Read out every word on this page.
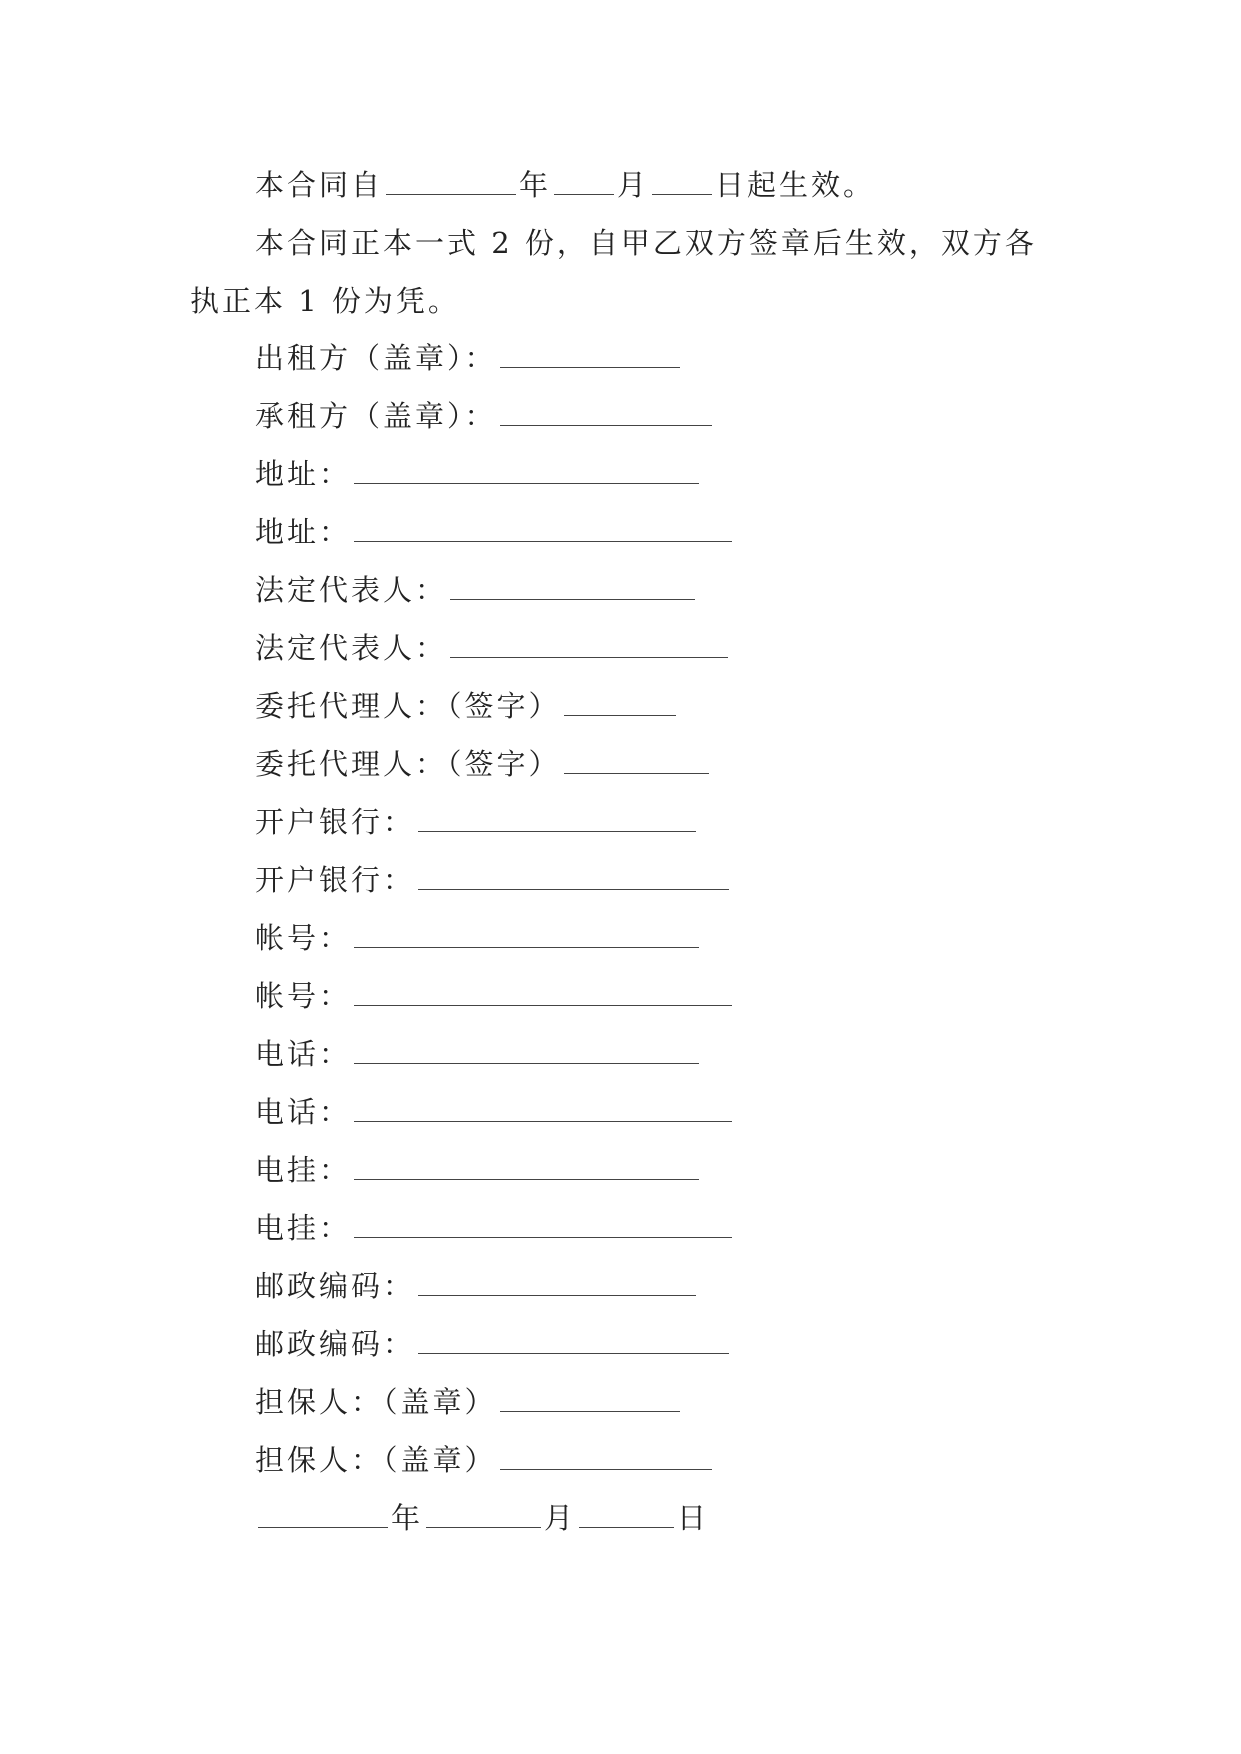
本合同自	年 月 日起生效。

本合同正本一式 2 份，自甲乙双方签章后生效，双方各执正本 1 份为凭。

出租方（盖章）：

承租方（盖章）：

地址：

地址：

法定代表人：

法定代表人：

委托代理人：（签字）

委托代理人：（签字）

开户银行：

开户银行：

帐号：

帐号：

电话：

电话：

电挂：

电挂：

邮政编码：

邮政编码：

担保人：（盖章）

担保人：（盖章）

年	月	日
